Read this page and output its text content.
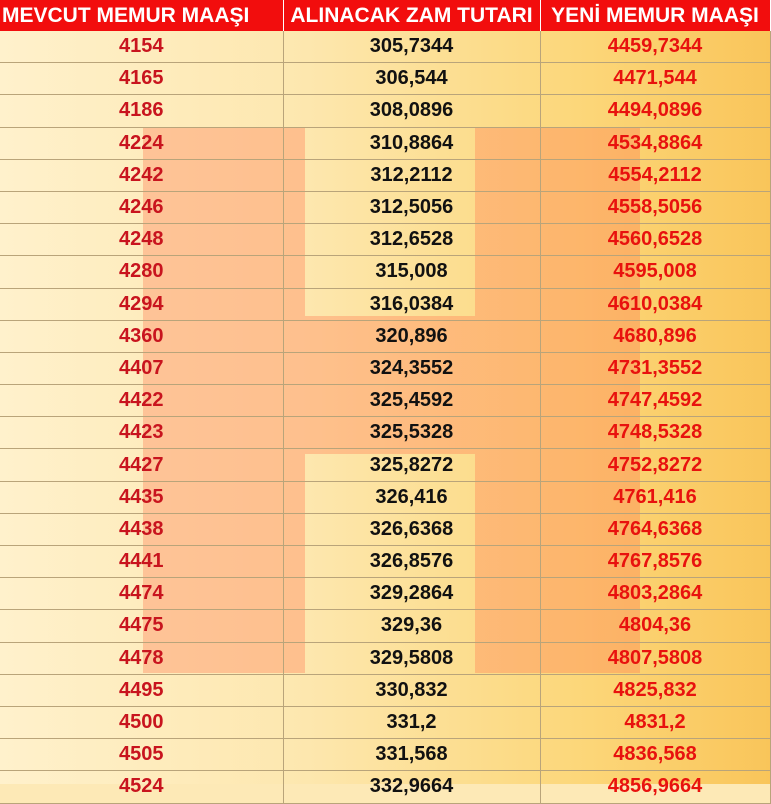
MEVCUT MEMUR MAAŞI	ALINACAK ZAM TUTARI	YENİ MEMUR MAAŞI
4154	305,7344	4459,7344
4165	306,544	4471,544
4186	308,0896	4494,0896
4224	310,8864	4534,8864
4242	312,2112	4554,2112
4246	312,5056	4558,5056
4248	312,6528	4560,6528
4280	315,008	4595,008
4294	316,0384	4610,0384
4360	320,896	4680,896
4407	324,3552	4731,3552
4422	325,4592	4747,4592
4423	325,5328	4748,5328
4427	325,8272	4752,8272
4435	326,416	4761,416
4438	326,6368	4764,6368
4441	326,8576	4767,8576
4474	329,2864	4803,2864
4475	329,36	4804,36
4478	329,5808	4807,5808
4495	330,832	4825,832
4500	331,2	4831,2
4505	331,568	4836,568
4524	332,9664	4856,9664
